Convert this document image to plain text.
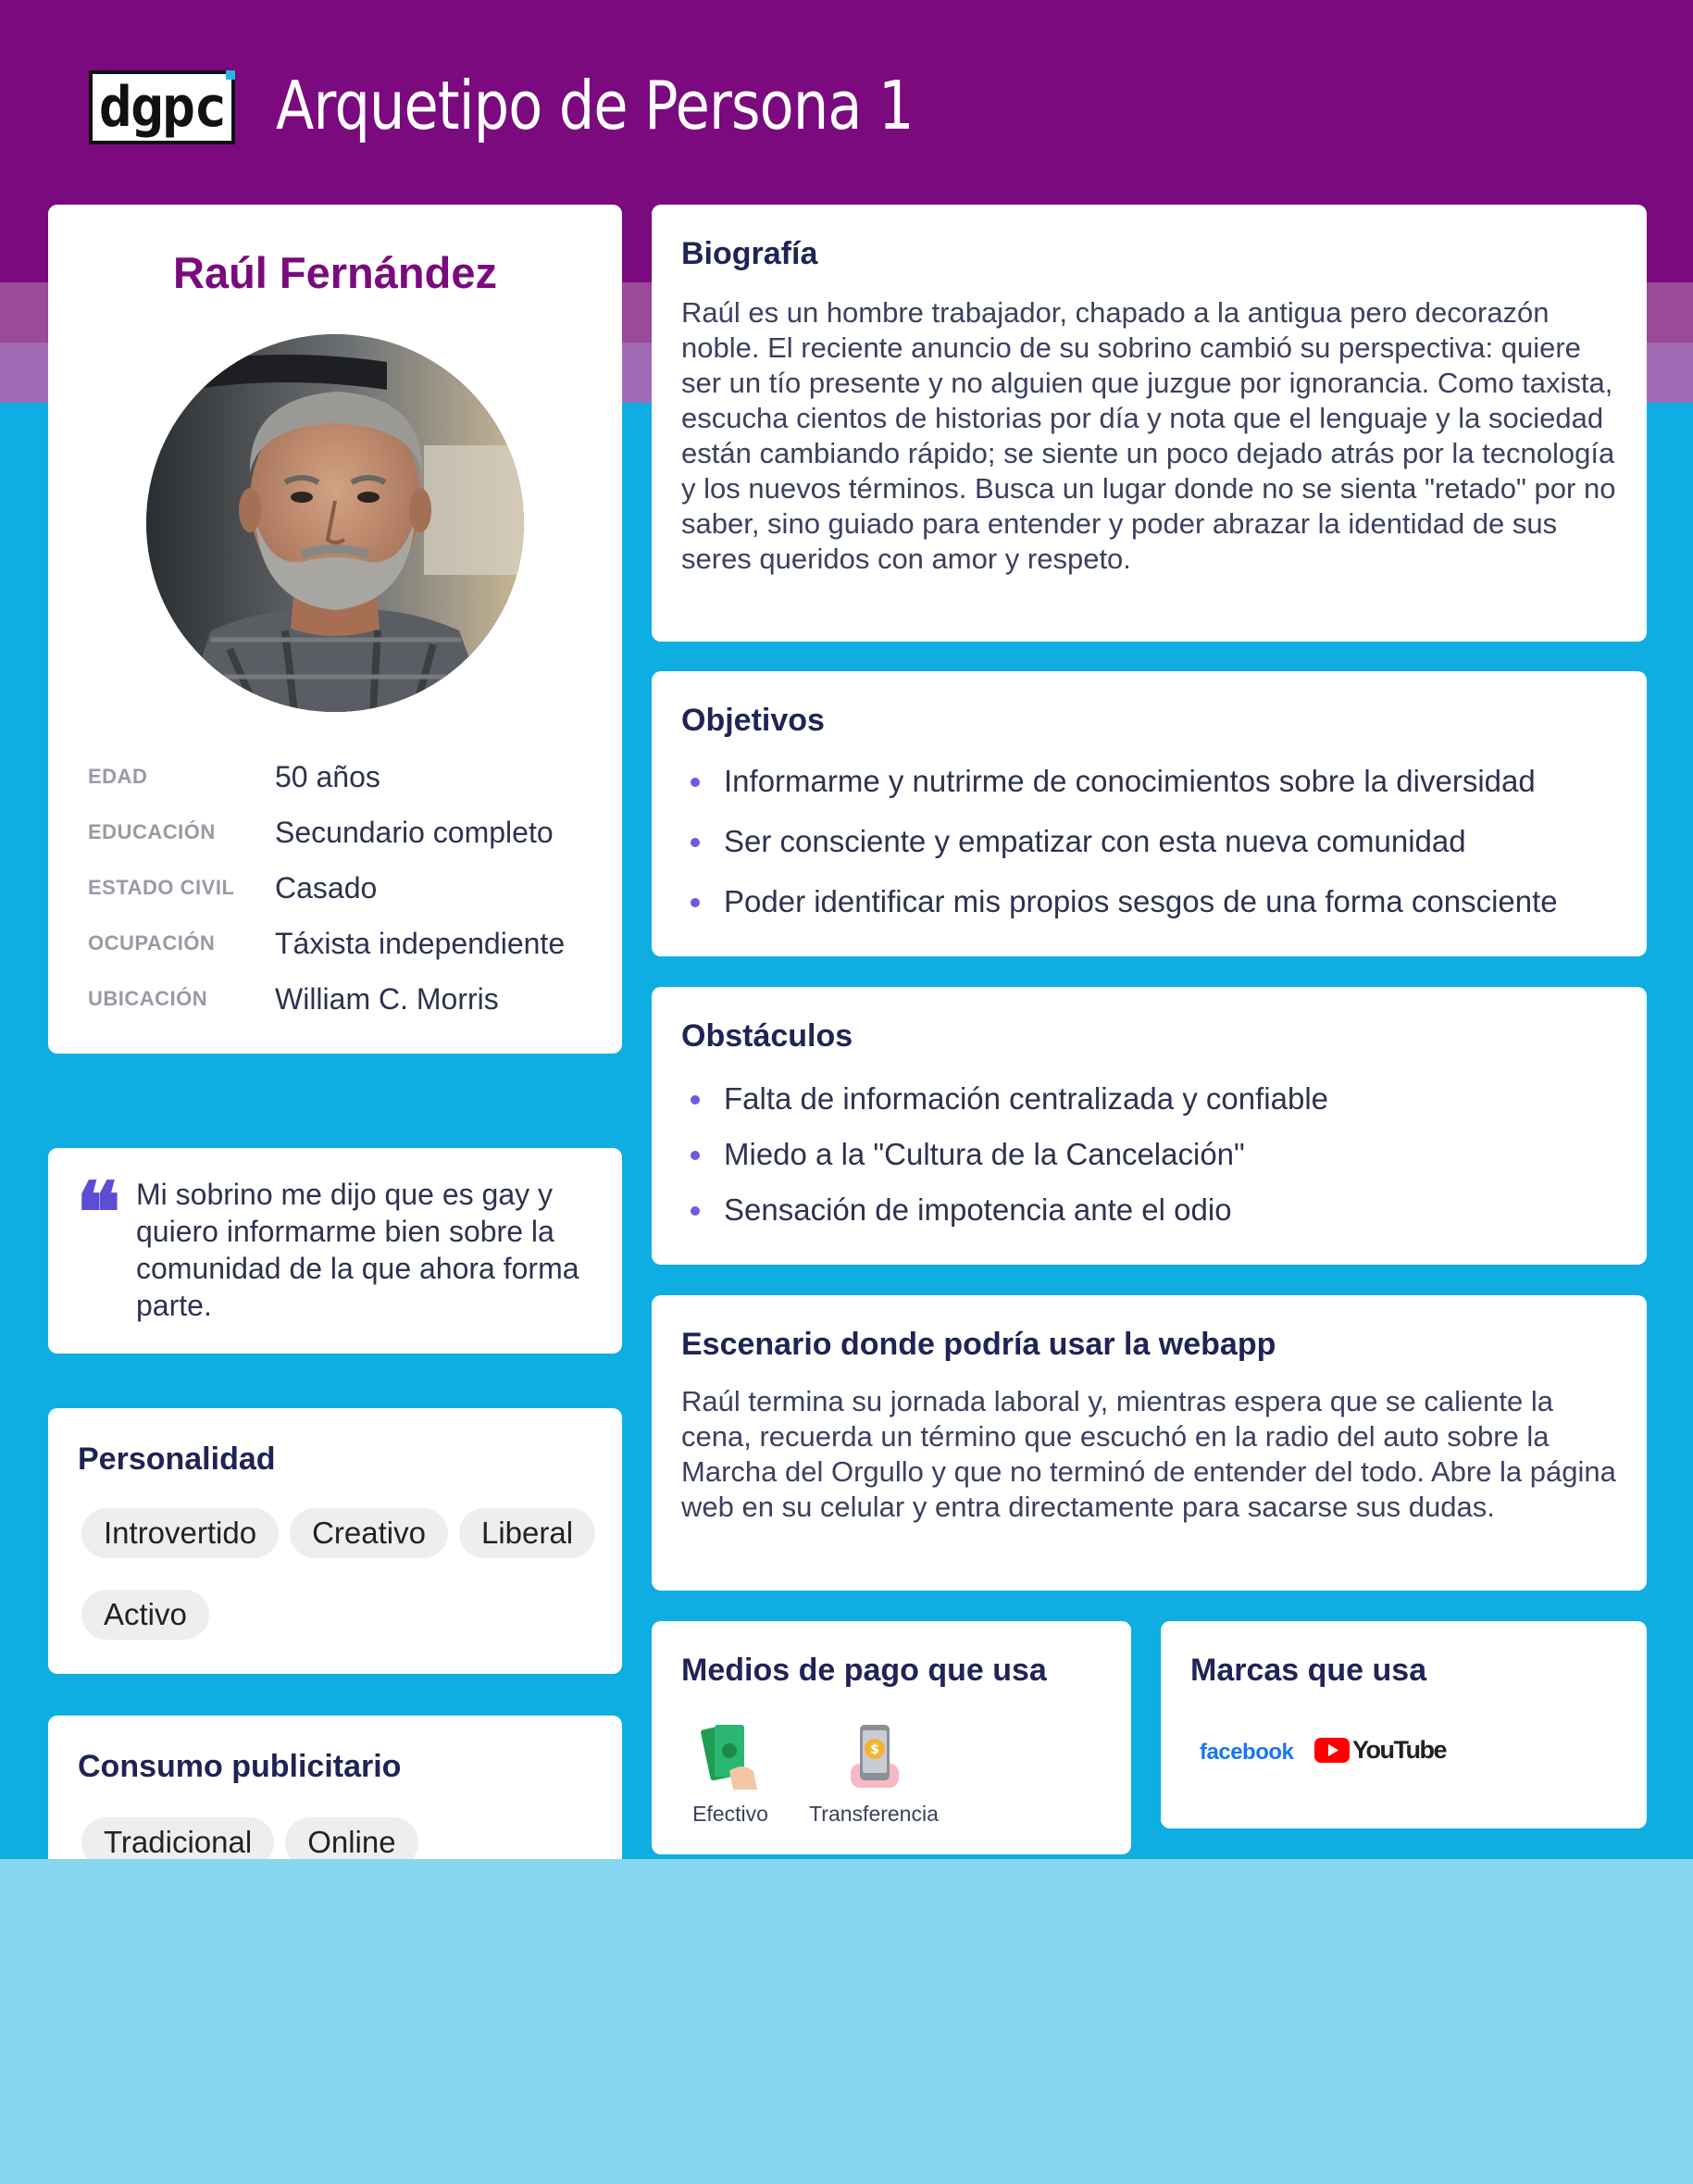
dgpc Arquetipo de Persona 1
Raúl Fernández
EDAD	50 años
EDUCACIÓN	Secundario completo
ESTADO CIVIL	Casado
OCUPACIÓN	Táxista independiente
UBICACIÓN	William C. Morris
❝ Mi sobrino me dijo que es gay y quiero informarme bien sobre la comunidad de la que ahora forma parte.
Personalidad
Introvertido	Creativo	Liberal
Activo
Consumo publicitario
Tradicional	Online
Biografía

Raúl es un hombre trabajador, chapado a la antigua pero decorazón noble. El reciente anuncio de su sobrino cambió su perspectiva: quiere ser un tío presente y no alguien que juzgue por ignorancia. Como taxista, escucha cientos de historias por día y nota que el lenguaje y la sociedad están cambiando rápido; se siente un poco dejado atrás por la tecnología y los nuevos términos. Busca un lugar donde no se sienta "retado" por no saber, sino guiado para entender y poder abrazar la identidad de sus seres queridos con amor y respeto.

Objetivos
Informarme y nutrirme de conocimientos sobre la diversidad
Ser consciente y empatizar con esta nueva comunidad
Poder identificar mis propios sesgos de una forma consciente
Obstáculos
Falta de información centralizada y confiable
Miedo a la "Cultura de la Cancelación"
Sensación de impotencia ante el odio
Escenario donde podría usar la webapp

Raúl termina su jornada laboral y, mientras espera que se caliente la cena, recuerda un término que escuchó en la radio del auto sobre la Marcha del Orgullo y que no terminó de entender del todo. Abre la página web en su celular y entra directamente para sacarse sus dudas.

Medios de pago que usa
Efectivo
$
Transferencia
Marcas que usa
facebook YouTube
